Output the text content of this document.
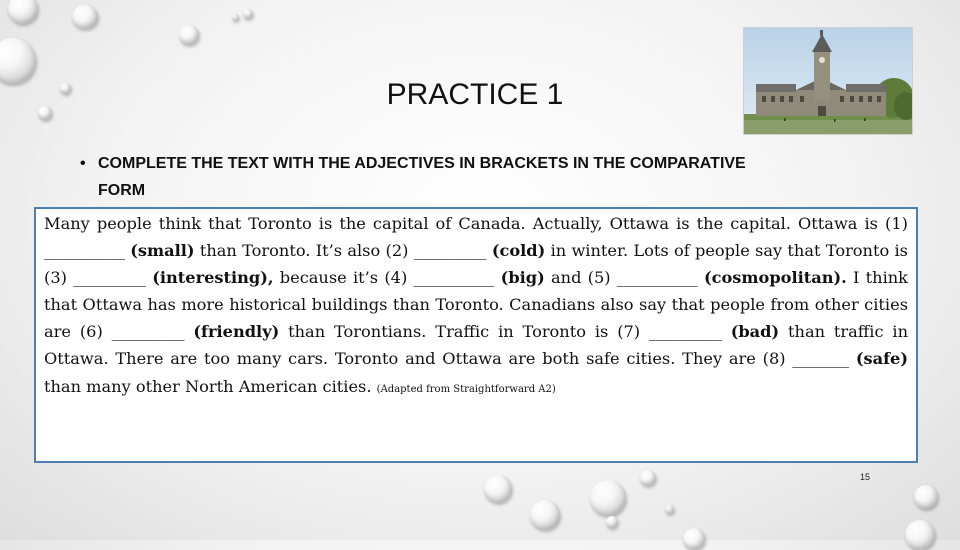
PRACTICE 1
• COMPLETE THE TEXT WITH THE ADJECTIVES IN BRACKETS IN THE COMPARATIVE FORM

Many people think that Toronto is the capital of Canada. Actually, Ottawa is the capital. Ottawa is (1) __________ (small) than Toronto. It’s also (2) _________ (cold) in winter. Lots of people say that Toronto is (3) _________ (interesting), because it’s (4) __________ (big) and (5) __________ (cosmopolitan). I think that Ottawa has more historical buildings than Toronto. Canadians also say that people from other cities are (6) _________ (friendly) than Torontians. Traffic in Toronto is (7) _________ (bad) than traffic in Ottawa. There are too many cars. Toronto and Ottawa are both safe cities. They are (8) _______ (safe) than many other North American cities. (Adapted from Straightforward A2)

15
